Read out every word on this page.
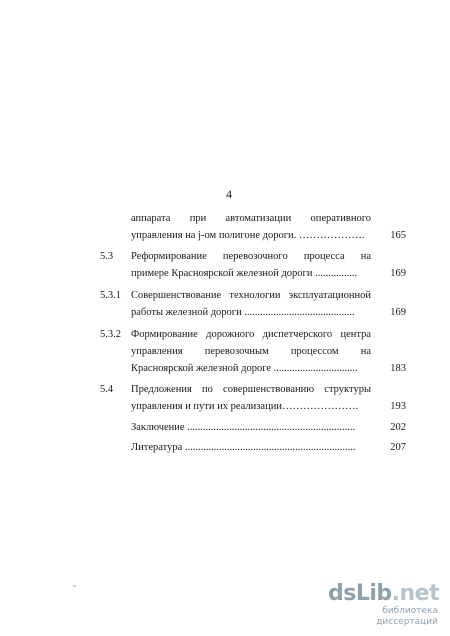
4
аппарата при автоматизации оперативного
управления на j-ом полигоне дороги. ……………….	165
5.3	Реформирование перевозочного процесса на
примере Красноярской железной дороги ................	169
5.3.1 Совершенствование технологии эксплуатационной
работы железной дороги ..........................................	169
5.3.2 Формирование дорожного диспетчерского центра
управления перевозочным процессом на
Красноярской железной дороге ................................	183
5.4	Предложения по совершенствованию структуры
управления и пути их реализации………………….	193
Заключение ................................................................	202
Литература .................................................................	207
dsLib.net
библиотека диссертаций
